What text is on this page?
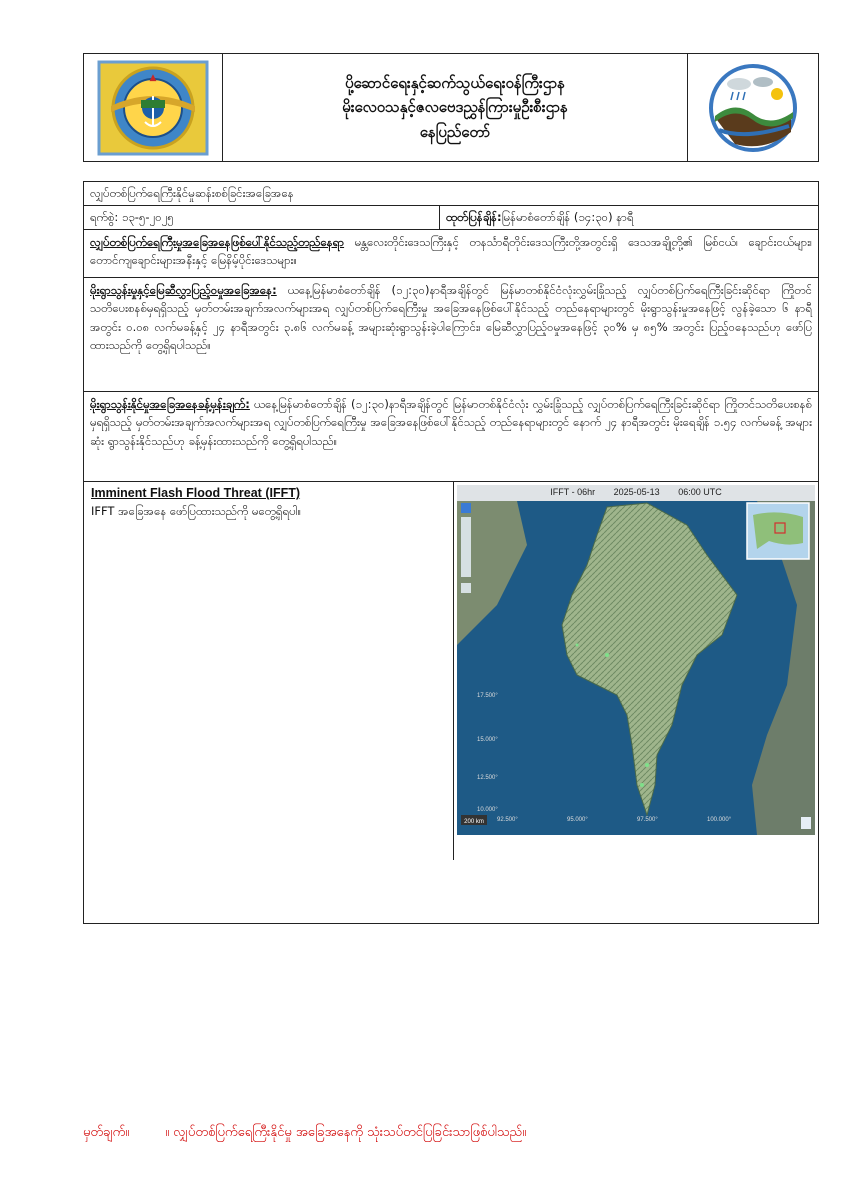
▲	ပို့ဆောင်ရေးနှင့်ဆက်သွယ်ရေးဝန်ကြီးဌာန
မိုးလေဝသနှင့်ဇလဗေဒညွှန်ကြားမှုဦးစီးဌာန
နေပြည်တော်
လျှပ်တစ်ပြက်ရေကြီးနိုင်မှုဆန်းစစ်ခြင်းအခြေအနေ
ရက်စွဲ: ၁၃-၅-၂၀၂၅	ထုတ်ပြန်ချိန်: မြန်မာစံတော်ချိန် (၁၄:၃၀) နာရီ
လျှပ်တစ်ပြက်ရေကြီးမှုအခြေအနေဖြစ်ပေါ်နိုင်သည့်တည်နေရာ မန္တလေးတိုင်းဒေသကြီးနှင့် တနင်္သာရီတိုင်းဒေသကြီးတို့အတွင်းရှိ ဒေသအချို့တို့၏ မြစ်ငယ်၊ ချောင်းငယ်များ၊ တောင်ကျချောင်းများအနီးနှင့် မြေနိမ့်ပိုင်းဒေသများ။
မိုးရွာသွန်းမှုနှင့်မြေဆီလွှာပြည့်ဝမှုအခြေအနေ: ယနေ့မြန်မာစံတော်ချိန် (၁၂:၃၀)နာရီအချိန်တွင် မြန်မာတစ်နိုင်ငံလုံးလွှမ်းခြုံသည့် လျှပ်တစ်ပြက်ရေကြီးခြင်းဆိုင်ရာ ကြိုတင်သတိပေးစနစ်မှရရှိသည့် မှတ်တမ်းအချက်အလက်များအရ လျှပ်တစ်ပြက်ရေကြီးမှု အခြေအနေဖြစ်ပေါ်နိုင်သည့် တည်နေရာများတွင် မိုးရွာသွန်းမှုအနေဖြင့် လွန်ခဲ့သော ၆ နာရီအတွင်း ၀.၀၈ လက်မခန့်နှင့် ၂၄ နာရီအတွင်း ၃.၈၆ လက်မခန့် အများဆုံးရွာသွန်းခဲ့ပါကြောင်း၊ မြေဆီလွှာပြည့်ဝမှုအနေဖြင့် ၃၀% မှ ၈၅% အတွင်း ပြည့်ဝနေသည်ဟု ဖော်ပြထားသည်ကို တွေ့ရှိရပါသည်။
မိုးရွာသွန်းနိုင်မှုအခြေအနေခန့်မှန်းချက်: ယနေ့မြန်မာစံတော်ချိန် (၁၂:၃၀)နာရီအချိန်တွင် မြန်မာတစ်နိုင်ငံလုံး လွှမ်းခြုံသည့် လျှပ်တစ်ပြက်ရေကြီးခြင်းဆိုင်ရာ ကြိုတင်သတိပေးစနစ်မှရရှိသည့် မှတ်တမ်းအချက်အလက်များအရ လျှပ်တစ်ပြက်ရေကြီးမှု အခြေအနေဖြစ်ပေါ်နိုင်သည့် တည်နေရာများတွင် နောက် ၂၄ နာရီအတွင်း မိုးရေချိန် ၁.၅၄ လက်မခန့် အများဆုံး ရွာသွန်းနိုင်သည်ဟု ခန့်မှန်းထားသည်ကို တွေ့ရှိရပါသည်။
Imminent Flash Flood Threat (IFFT)
IFFT အခြေအနေ ဖော်ပြထားသည်ကို မတွေ့ရှိရပါ။
200 km
IFFT - 06hr 2025-05-13 06:00 UTC
17.500°
15.000°
12.500°
10.000°
92.500°	95.000°	97.500°	100.000°
မှတ်ချက်။	။ လျှပ်တစ်ပြက်ရေကြီးနိုင်မှု အခြေအနေကို သုံးသပ်တင်ပြခြင်းသာဖြစ်ပါသည်။
